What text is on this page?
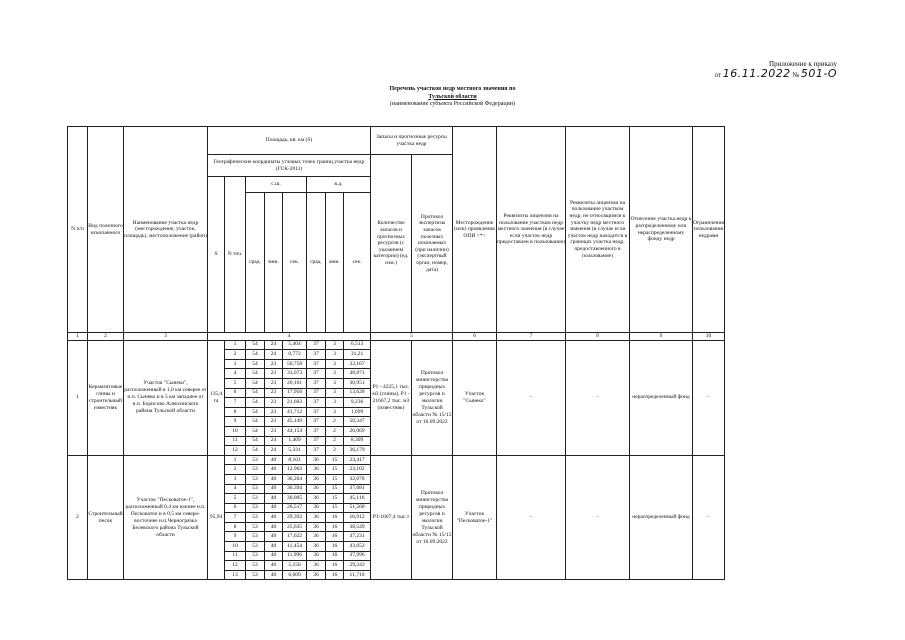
Приложение к приказу
от 16.11.2022 № 501-О
Перечень участков недр местного значения по
Тульской области
(наименование субъекта Российской Федерации)
N п/п	Вид полезного ископаемого	Наименование участка недр (месторождение, участок, площадь), местоположение (район)	Площадь, кв. км (S)								Запасы и прогнозные ресурсы участка недр		Месторождение (или) проявления ОПИ <*>	Реквизиты лицензии на пользование участком недр местного значения (в случае если участок недр предоставлен в пользование)	Реквизиты лицензии на пользование участком недр, не относящимся к участку недр местного значения (в случае если участок недр находится в границах участка недр, предоставленного в пользование)	Отнесение участка недр к распределенному или нераспределенному фонду недр	Ограничения пользования недрами
			Географические координаты угловых точек границ участка недр (ГСК-2011)								Количество запасов и прогнозных ресурсов (с указанием категории) (ед. изм.)	Протокол экспертизы запасов полезных ископаемых (при наличии) (экспертный орган, номер, дата)					
			S	N точ.	с.ш.			в.д.									
					град.	мин.	сек.	град.	мин.	сек.							

1	2	3	4								5		6	7	8	9	10
1	Керамзитовые глины и строительный известняк	Участок "Сынеко", расположенный в 1,0 км северее от н.п. Сынеко и в 5 км западнее от н.п. Борисово Алексинского района Тульской области	135,4 га	1	54	24	5,404	37	3	6,513	P1 - 4225,1 тыс. м3 (глины), P1 - 21667,2 тыс. м3 (известняк)	Протокол министерства природных ресурсов и экологии Тульской области № 15/15 от 16.09.2022	Участок "Сынеко"	-	-	нераспределенный фонд	-
				2	54	24	0,772	37	3	31,21							
				3	54	23	50,758	37	3	33,167							
				4	54	23	33,073	37	3	48,871							
				5	54	23	20,161	37	3	30,951							
				6	54	23	17,956	37	3	13,628							
				7	54	23	21,603	37	3	9,236							
				8	54	23	41,712	37	3	1,699							
				9	54	23	45,149	37	2	50,347							
				10	54	23	44,154	37	2	26,069							
				11	54	24	1,409	37	2	8,309							
				12	54	24	5,331	37	2	36,179							
2	Строительный песок	Участок "Песковатое-1", расположенный 0,4 км южнее н.п. Песковатое и в 0,5 км северо-восточнее н.п.Черногрязка Белевского района Тульской области	95,94	1	53	40	8,101	36	15	23,417	P1-1007,4 тыс.т	Протокол министерства природных ресурсов и экологии Тульской области № 15/15 от 16.09.2022	Участок "Песковатое-1"	-	-	нераспределенный фонд	-
				2	53	40	12,963	36	15	23,102							
				3	53	40	36,264	36	15	32,078							
				4	53	40	36,394	36	15	37,681							
				5	53	40	30,005	36	15	45,116							
				6	53	40	26,517	36	15	51,568							
				7	53	40	29,392	36	16	16,912							
				8	53	40	25,635	36	16	38,549							
				9	53	40	17,622	36	16	47,231							
				10	53	40	11,454	36	16	43,652							
				11	53	40	11,996	36	16	37,996							
				12	53	40	5,156	36	16	29,243							
				13	53	40	6,609	36	16	11,710							
